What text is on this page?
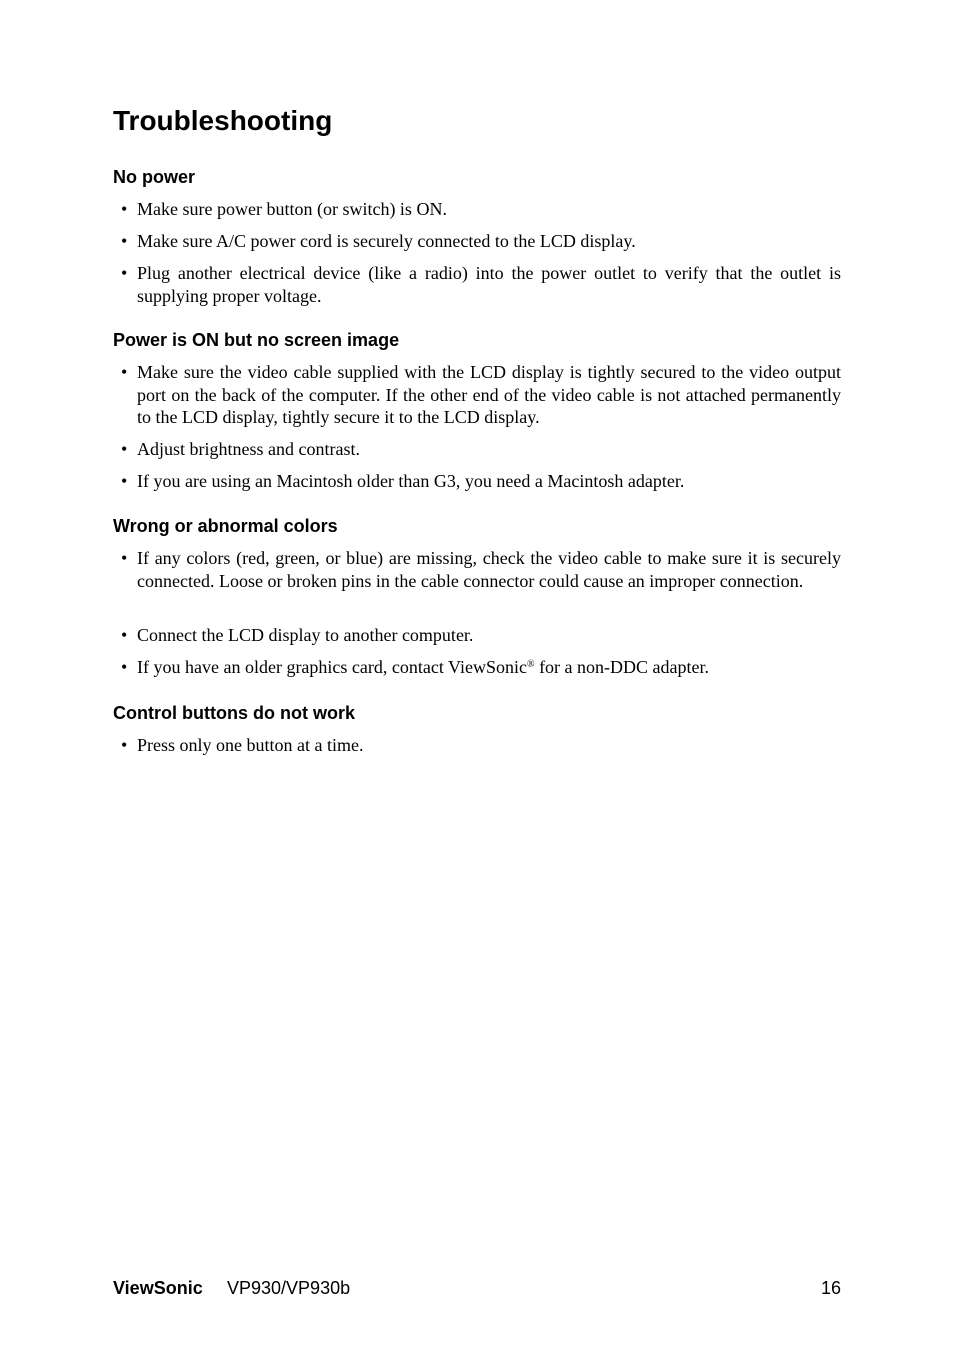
Troubleshooting
No power
• Make sure power button (or switch) is ON.
• Make sure A/C power cord is securely connected to the LCD display.
• Plug another electrical device (like a radio) into the power outlet to verify that the outlet is supplying proper voltage.
Power is ON but no screen image
• Make sure the video cable supplied with the LCD display is tightly secured to the video output port on the back of the computer. If the other end of the video cable is not attached permanently to the LCD display, tightly secure it to the LCD display.
• Adjust brightness and contrast.
• If you are using an Macintosh older than G3, you need a Macintosh adapter.
Wrong or abnormal colors
• If any colors (red, green, or blue) are missing, check the video cable to make sure it is securely connected. Loose or broken pins in the cable connector could cause an improper connection.
• Connect the LCD display to another computer.
• If you have an older graphics card, contact ViewSonic® for a non-DDC adapter.
Control buttons do not work
• Press only one button at a time.
ViewSonic VP930/VP930b	16
